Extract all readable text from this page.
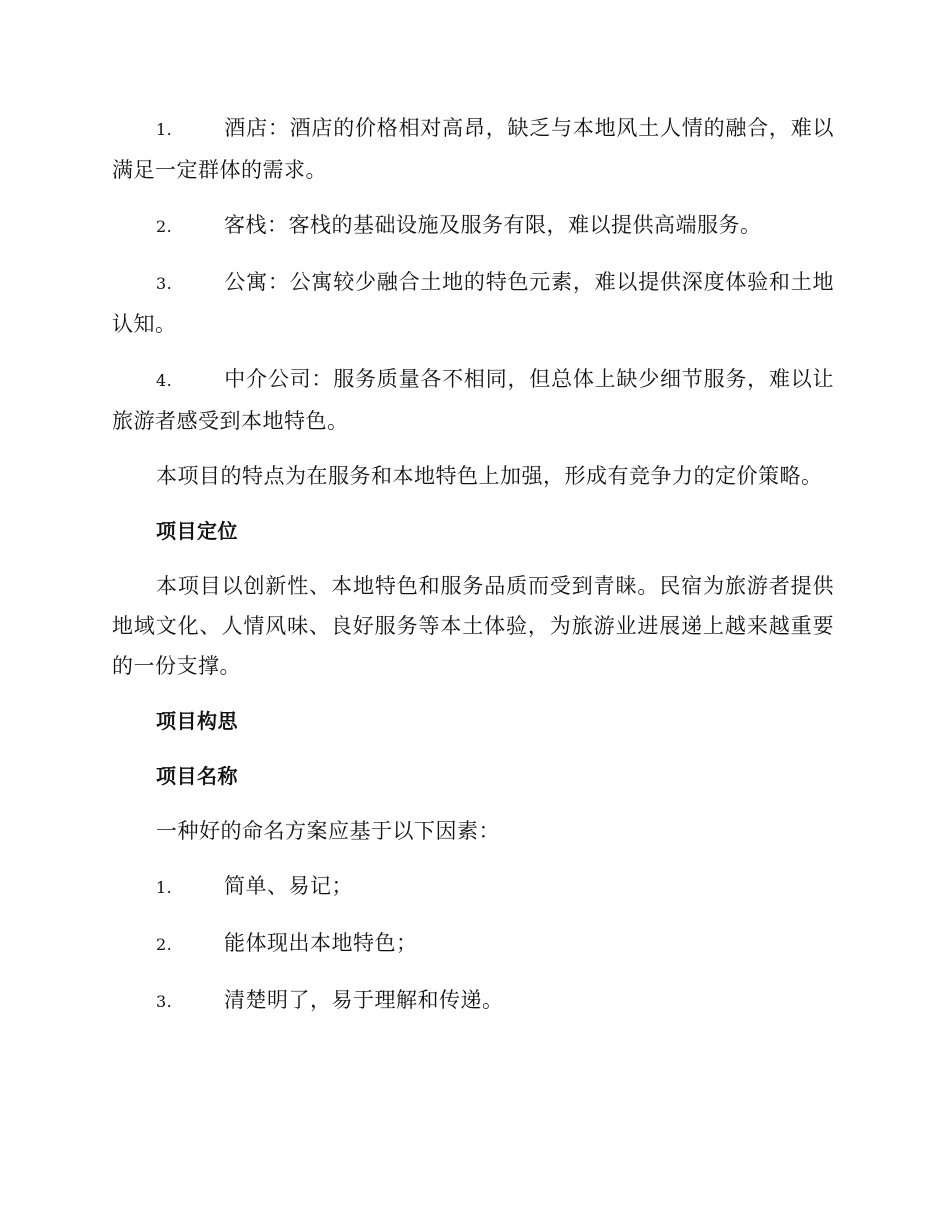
1. 酒店：酒店的价格相对高昂，缺乏与本地风土人情的融合，难以满足一定群体的需求。
2. 客栈：客栈的基础设施及服务有限，难以提供高端服务。
3. 公寓：公寓较少融合土地的特色元素，难以提供深度体验和土地认知。
4. 中介公司：服务质量各不相同，但总体上缺少细节服务，难以让旅游者感受到本地特色。

本项目的特点为在服务和本地特色上加强，形成有竞争力的定价策略。

项目定位

本项目以创新性、本地特色和服务品质而受到青睐。民宿为旅游者提供地域文化、人情风味、良好服务等本土体验，为旅游业进展递上越来越重要的一份支撑。

项目构思
项目名称

一种好的命名方案应基于以下因素：

1. 简单、易记；
2. 能体现出本地特色；
3. 清楚明了，易于理解和传递。
